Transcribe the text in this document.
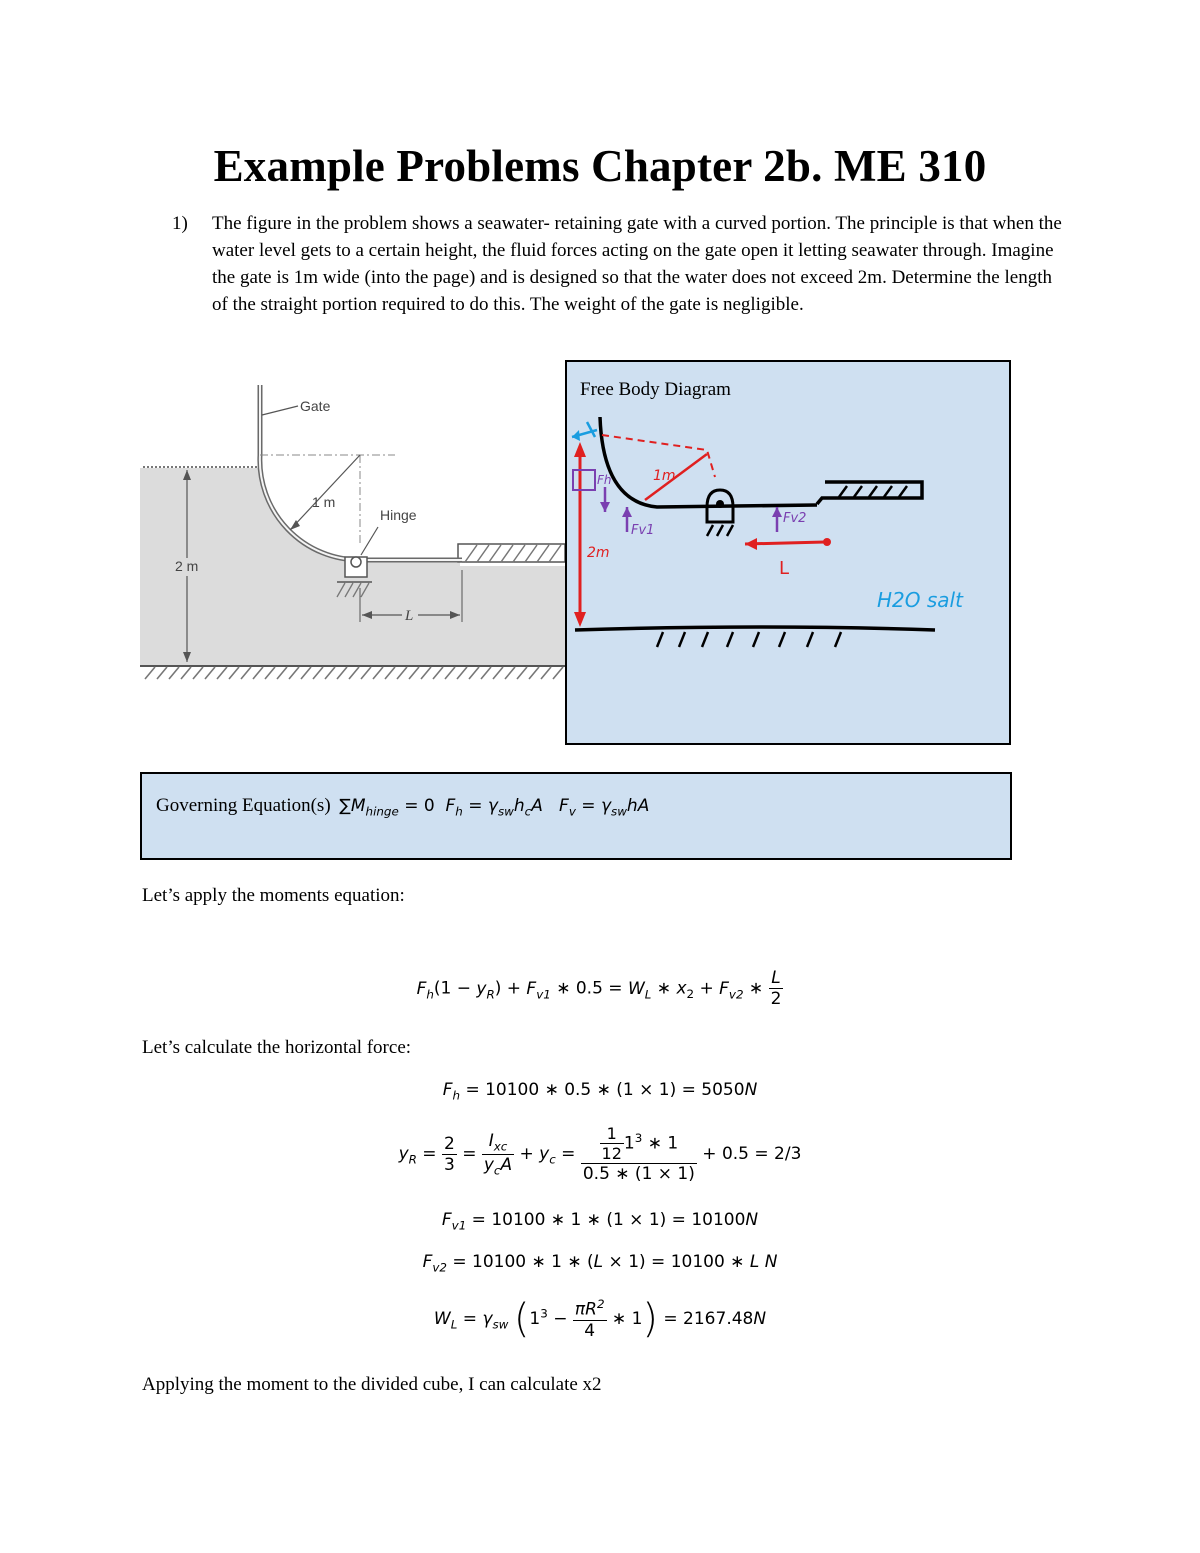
Example Problems Chapter 2b. ME 310
1) The figure in the problem shows a seawater- retaining gate with a curved portion. The principle is that when the water level gets to a certain height, the fluid forces acting on the gate open it letting seawater through. Imagine the gate is 1m wide (into the page) and is designed so that the water does not exceed 2m. Determine the length of the straight portion required to do this. The weight of the gate is negligible.
Gate
1 m
Hinge
2 m
L
Free Body Diagram
1m
2m
L
Fh
Fv1
Fv2
H2O salt
Governing Equation(s) $\sum M_{hinge} = 0$  $F_h = \gamma_{sw}h_cA$ $F_v = \gamma_{sw}hA$
Let’s apply the moments equation:
$F_h(1 - y_R) + F_{v1}$ ∗ $0.5 = W_L$ ∗ $x_2 + F_{v2}$ ∗ $\frac{L}{2}$
Let’s calculate the horizontal force:
$F_h = 10100$ ∗ 0.5 ∗ (1 × 1) = 5050N
$y_R = \frac{2}{3} = \frac{I_{xc}}{y_cA} + y_c = \frac{\frac{1}{12} 1^3 ∗ 1}{0.5 ∗ (1 \times 1)} + 0.5 = 2/3$
$F_{v1} = 10100$ ∗ 1 ∗ (1 × 1) = 10100N
$F_{v2} = 10100$ ∗ 1 ∗ (L × 1) = 10100 ∗ L N
$W_L = \gamma_{sw}$ ($1^3 - \frac{\pi R^2}{4}$ ∗ 1) = 2167.48N
Applying the moment to the divided cube, I can calculate x2
